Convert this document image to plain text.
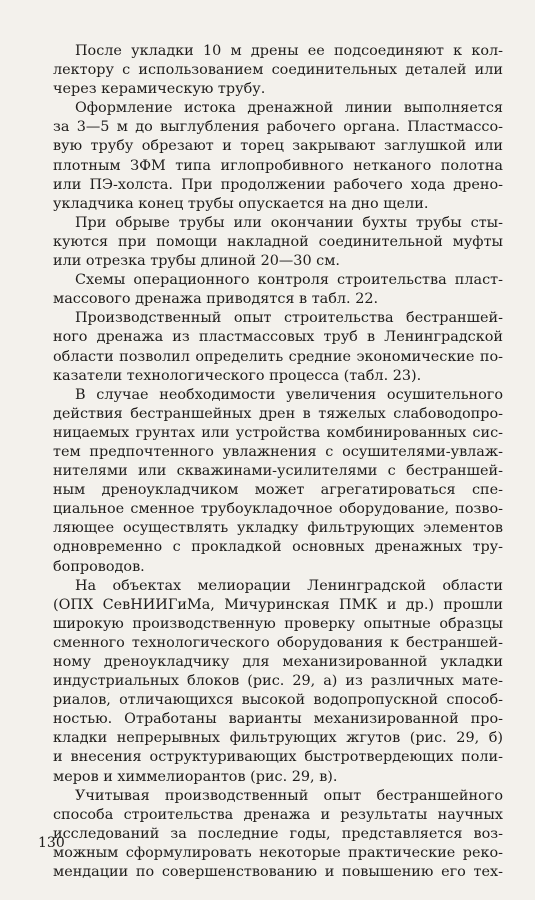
После укладки 10 м дрены ее подсоединяют к кол-
лектору с использованием соединительных деталей или
через керамическую трубу.
Оформление истока дренажной линии выполняется
за 3—5 м до выглубления рабочего органа. Пластмассо-
вую трубу обрезают и торец закрывают заглушкой или
плотным ЗФМ типа иглопробивного нетканого полотна
или ПЭ-холста. При продолжении рабочего хода дрено-
укладчика конец трубы опускается на дно щели.
При обрыве трубы или окончании бухты трубы сты-
куются при помощи накладной соединительной муфты
или отрезка трубы длиной 20—30 см.
Схемы операционного контроля строительства пласт-
массового дренажа приводятся в табл. 22.
Производственный опыт строительства бестраншей-
ного дренажа из пластмассовых труб в Ленинградской
области позволил определить средние экономические по-
казатели технологического процесса (табл. 23).
В случае необходимости увеличения осушительного
действия бестраншейных дрен в тяжелых слабоводопро-
ницаемых грунтах или устройства комбинированных сис-
тем предпочтенного увлажнения с осушителями-увлаж-
нителями или скважинами-усилителями с бестраншей-
ным дреноукладчиком может агрегатироваться спе-
циальное сменное трубоукладочное оборудование, позво-
ляющее осуществлять укладку фильтрующих элементов
одновременно с прокладкой основных дренажных тру-
бопроводов.
На объектах мелиорации Ленинградской области
(ОПХ СевНИИГиМа, Мичуринская ПМК и др.) прошли
широкую производственную проверку опытные образцы
сменного технологического оборудования к бестраншей-
ному дреноукладчику для механизированной укладки
индустриальных блоков (рис. 29, а) из различных мате-
риалов, отличающихся высокой водопропускной способ-
ностью. Отработаны варианты механизированной про-
кладки непрерывных фильтрующих жгутов (рис. 29, б)
и внесения оструктуривающих быстротвердеющих поли-
меров и химмелиорантов (рис. 29, в).
Учитывая производственный опыт бестраншейного
способа строительства дренажа и результаты научных
исследований за последние годы, представляется воз-
можным сформулировать некоторые практические реко-
мендации по совершенствованию и повышению его тех-
130
